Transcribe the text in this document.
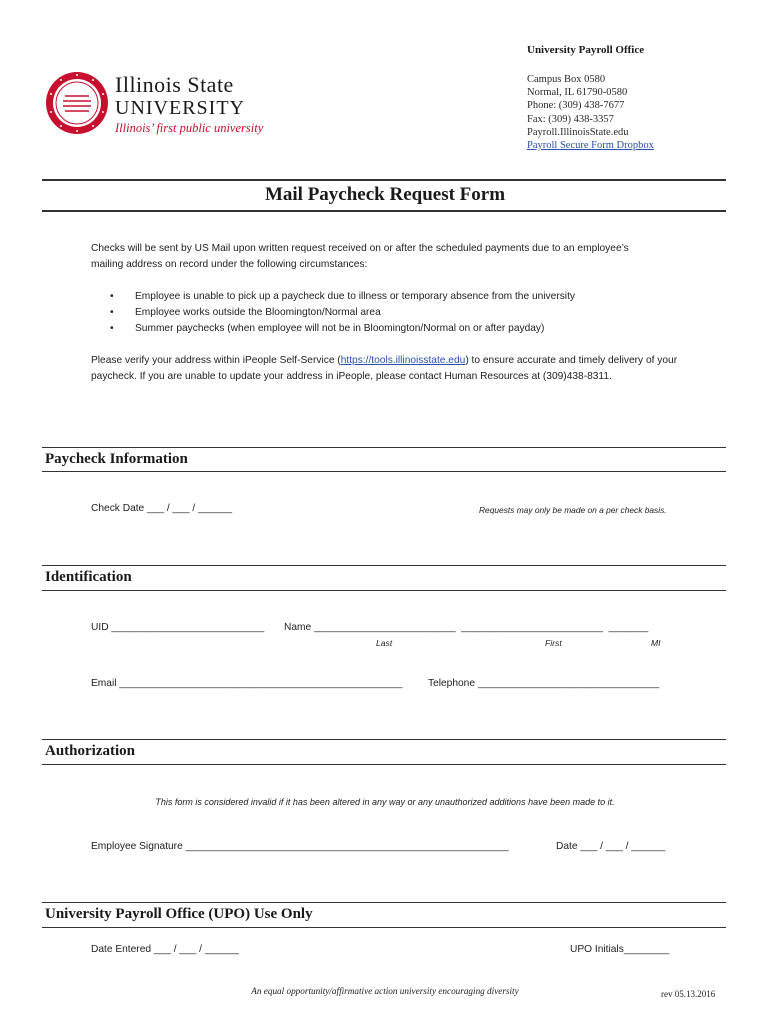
Illinois State
UNIVERSITY
Illinois’ first public university
University Payroll Office
Campus Box 0580
Normal, IL 61790-0580
Phone: (309) 438-7677
Fax: (309) 438-3357
Payroll.IllinoisState.edu
Payroll Secure Form Dropbox
Mail Paycheck Request Form
Checks will be sent by US Mail upon written request received on or after the scheduled payments due to an employee’s mailing address on record under the following circumstances:
• Employee is unable to pick up a paycheck due to illness or temporary absence from the university
• Employee works outside the Bloomington/Normal area
• Summer paychecks (when employee will not be in Bloomington/Normal on or after payday)
Please verify your address within iPeople Self-Service (https://tools.illinoisstate.edu) to ensure accurate and timely delivery of your paycheck. If you are unable to update your address in iPeople, please contact Human Resources at (309)438-8311.
Paycheck Information
Check Date ___ / ___ / ______	Requests may only be made on a per check basis.
Identification
UID ___________________________ Name _________________________  _________________________  _______
Last	First	MI
Email __________________________________________________ Telephone ________________________________
Authorization
This form is considered invalid if it has been altered in any way or any unauthorized additions have been made to it.
Employee Signature _________________________________________________________	Date ___ / ___ / ______
University Payroll Office (UPO) Use Only
Date Entered ___ / ___ / ______	UPO Initials________
An equal opportunity/affirmative action university encouraging diversity	rev 05.13.2016
